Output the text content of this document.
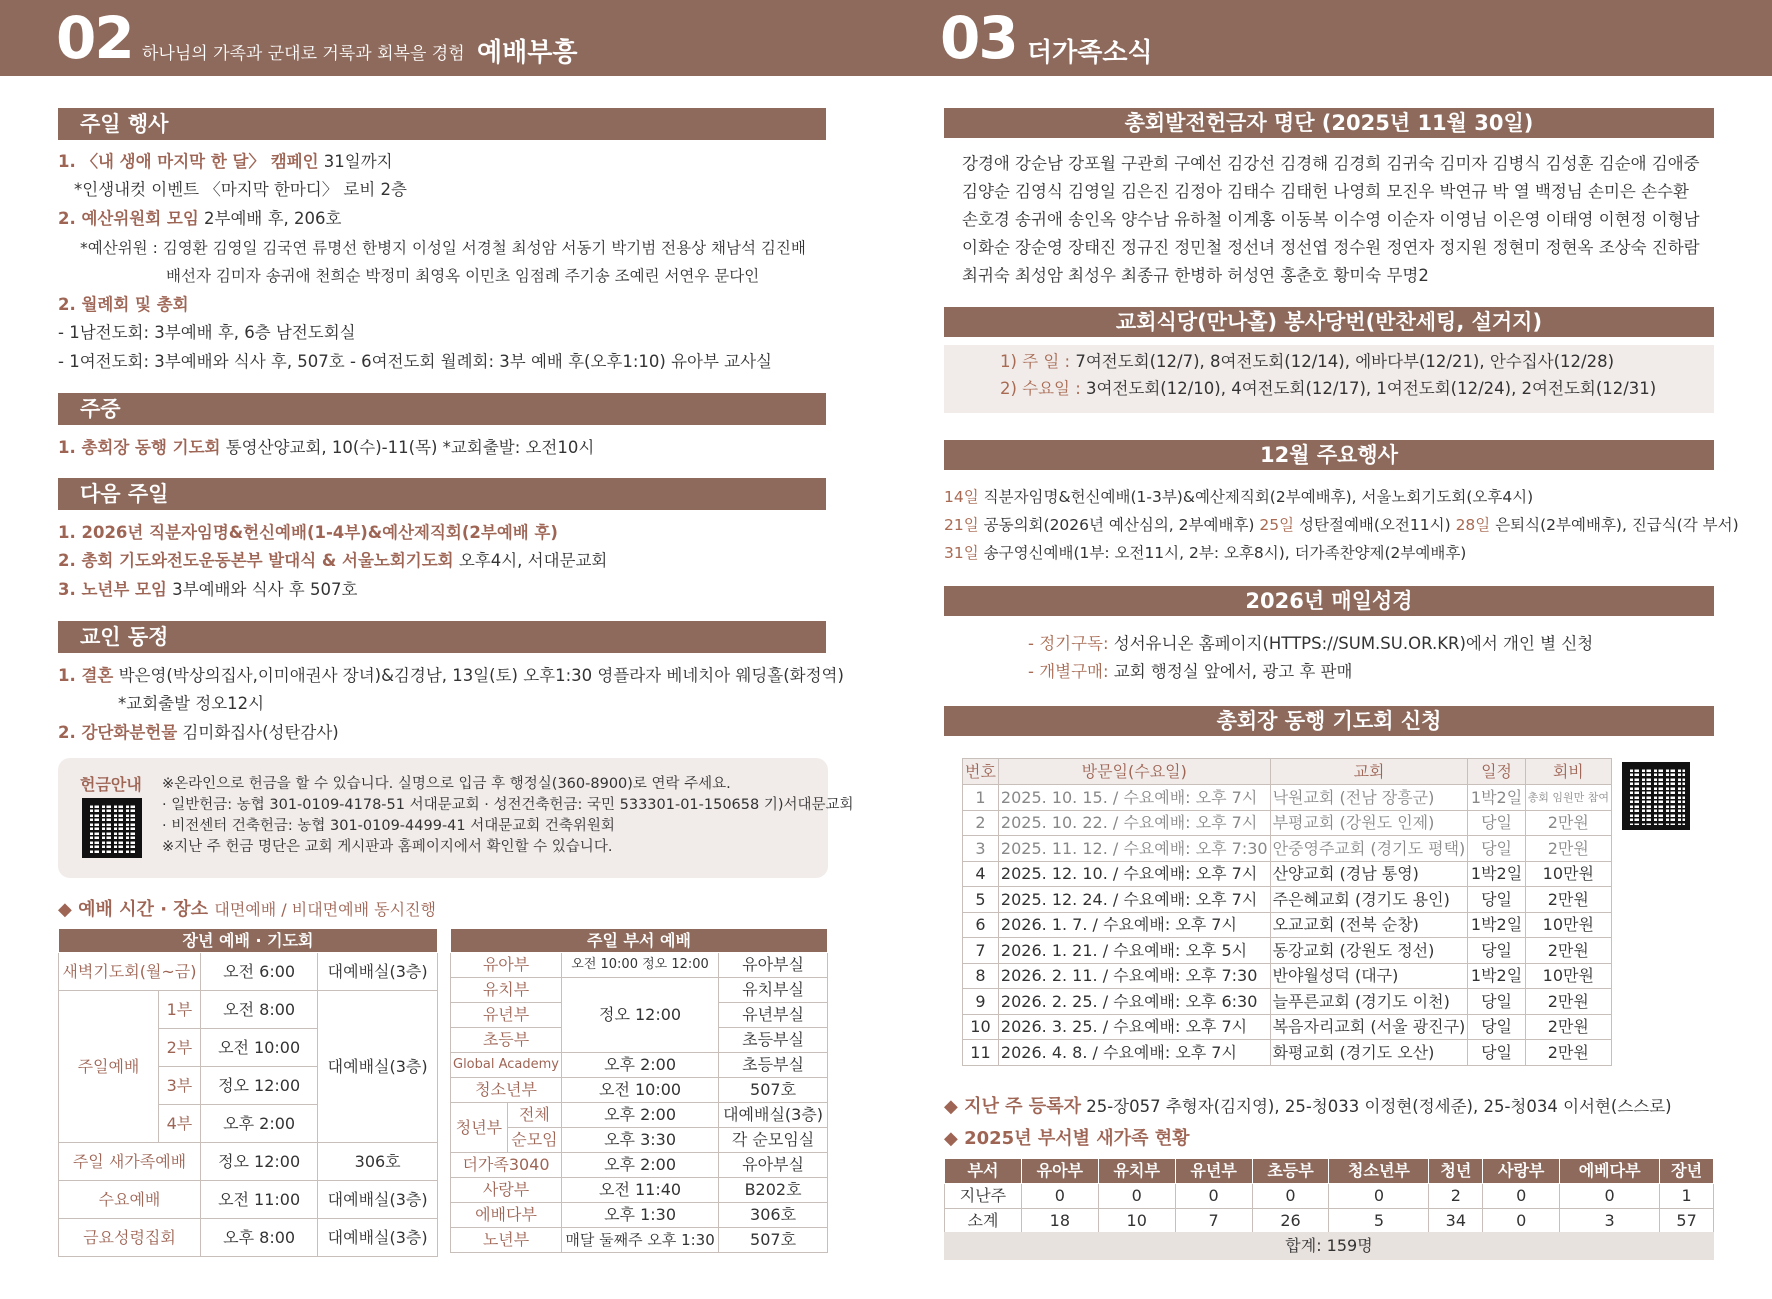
02 하나님의 가족과 군대로 거룩과 회복을 경험 예배부흥	03 더가족소식
주일 행사
1. 〈내 생애 마지막 한 달〉 캠페인 31일까지
*인생내컷 이벤트 〈마지막 한마디〉 로비 2층
2. 예산위원회 모임 2부예배 후, 206호
*예산위원 : 김영환 김영일 김국연 류명선 한병지 이성일 서경철 최성암 서동기 박기범 전용상 채남석 김진배
배선자 김미자 송귀애 천희순 박정미 최영옥 이민초 임점례 주기송 조예린 서연우 문다인
2. 월례회 및 총회
- 1남전도회: 3부예배 후, 6층 남전도회실
- 1여전도회: 3부예배와 식사 후, 507호 - 6여전도회 월례회: 3부 예배 후(오후1:10) 유아부 교사실
주중
1. 총회장 동행 기도회 통영산양교회, 10(수)-11(목) *교회출발: 오전10시
다음 주일
1. 2026년 직분자임명&헌신예배(1-4부)&예산제직회(2부예배 후)
2. 총회 기도와전도운동본부 발대식 & 서울노회기도회 오후4시, 서대문교회
3. 노년부 모임 3부예배와 식사 후 507호
교인 동정
1. 결혼 박은영(박상의집사,이미애권사 장녀)&김경남, 13일(토) 오후1:30 영플라자 베네치아 웨딩홀(화정역)
*교회출발 정오12시
2. 강단화분헌물 김미화집사(성탄감사)
헌금안내 ※온라인으로 헌금을 할 수 있습니다. 실명으로 입금 후 행정실(360-8900)로 연락 주세요.
· 일반헌금: 농협 301-0109-4178-51 서대문교회 · 성전건축헌금: 국민 533301-01-150658 기)서대문교회
· 비전센터 건축헌금: 농협 301-0109-4499-41 서대문교회 건축위원회
※지난 주 헌금 명단은 교회 게시판과 홈페이지에서 확인할 수 있습니다.
◆ 예배 시간 · 장소 대면예배 / 비대면예배 동시진행
장년 예배 · 기도회			
새벽기도회(월~금)		오전 6:00	대예배실(3층)
주일예배	1부	오전 8:00	대예배실(3층)
	2부	오전 10:00	
	3부	정오 12:00	
	4부	오후 2:00	
주일 새가족예배		정오 12:00	306호
수요예배		오전 11:00	대예배실(3층)
금요성령집회		오후 8:00	대예배실(3층)
주일 부서 예배			
유아부		오전 10:00 정오 12:00	유아부실
유치부		정오 12:00	유치부실
유년부			유년부실
초등부			초등부실
Global Academy		오후 2:00	초등부실
청소년부		오전 10:00	507호
청년부	전체	오후 2:00	대예배실(3층)
	순모임	오후 3:30	각 순모임실
더가족3040		오후 2:00	유아부실
사랑부		오전 11:40	B202호
에배다부		오후 1:30	306호
노년부		매달 둘째주 오후 1:30	507호
총회발전헌금자 명단 (2025년 11월 30일)
강경애 강순남 강포월 구관희 구예선 김강선 김경해 김경희 김귀숙 김미자 김병식 김성훈 김순애 김애중
김양순 김영식 김영일 김은진 김정아 김태수 김태헌 나영희 모진우 박연규 박 열 백정님 손미은 손수환
손호경 송귀애 송인옥 양수남 유하철 이계홍 이동복 이수영 이순자 이영님 이은영 이태영 이현정 이형남
이화순 장순영 장태진 정규진 정민철 정선녀 정선엽 정수원 정연자 정지원 정현미 정현옥 조상숙 진하람
최귀숙 최성암 최성우 최종규 한병하 허성연 홍춘호 황미숙 무명2
교회식당(만나홀) 봉사당번(반찬세팅, 설거지)
1) 주 일 : 7여전도회(12/7), 8여전도회(12/14), 에바다부(12/21), 안수집사(12/28)
2) 수요일 : 3여전도회(12/10), 4여전도회(12/17), 1여전도회(12/24), 2여전도회(12/31)
12월 주요행사
14일 직분자임명&헌신예배(1-3부)&예산제직회(2부예배후), 서울노회기도회(오후4시)
21일 공동의회(2026년 예산심의, 2부예배후) 25일 성탄절예배(오전11시) 28일 은퇴식(2부예배후), 진급식(각 부서)
31일 송구영신예배(1부: 오전11시, 2부: 오후8시), 더가족찬양제(2부예배후)
2026년 매일성경
- 정기구독: 성서유니온 홈페이지(HTTPS://SUM.SU.OR.KR)에서 개인 별 신청
- 개별구매: 교회 행정실 앞에서, 광고 후 판매
총회장 동행 기도회 신청
번호	방문일(수요일)	교회	일정	회비
1	2025. 10. 15. / 수요예배: 오후 7시	낙원교회 (전남 장흥군)	1박2일	총회 임원만 참여
2	2025. 10. 22. / 수요예배: 오후 7시	부평교회 (강원도 인제)	당일	2만원
3	2025. 11. 12. / 수요예배: 오후 7:30	안중영주교회 (경기도 평택)	당일	2만원
4	2025. 12. 10. / 수요예배: 오후 7시	산양교회 (경남 통영)	1박2일	10만원
5	2025. 12. 24. / 수요예배: 오후 7시	주은혜교회 (경기도 용인)	당일	2만원
6	2026. 1. 7. / 수요예배: 오후 7시	오교교회 (전북 순창)	1박2일	10만원
7	2026. 1. 21. / 수요예배: 오후 5시	동강교회 (강원도 정선)	당일	2만원
8	2026. 2. 11. / 수요예배: 오후 7:30	반야월성덕 (대구)	1박2일	10만원
9	2026. 2. 25. / 수요예배: 오후 6:30	늘푸른교회 (경기도 이천)	당일	2만원
10	2026. 3. 25. / 수요예배: 오후 7시	복음자리교회 (서울 광진구)	당일	2만원
11	2026. 4. 8. / 수요예배: 오후 7시	화평교회 (경기도 오산)	당일	2만원
◆ 지난 주 등록자 25-장057 추형자(김지영), 25-청033 이정현(정세준), 25-청034 이서현(스스로)
◆ 2025년 부서별 새가족 현황
부서	유아부	유치부	유년부	초등부	청소년부	청년	사랑부	에베다부	장년
지난주	0	0	0	0	0	2	0	0	1
소계	18	10	7	26	5	34	0	3	57
합계: 159명
